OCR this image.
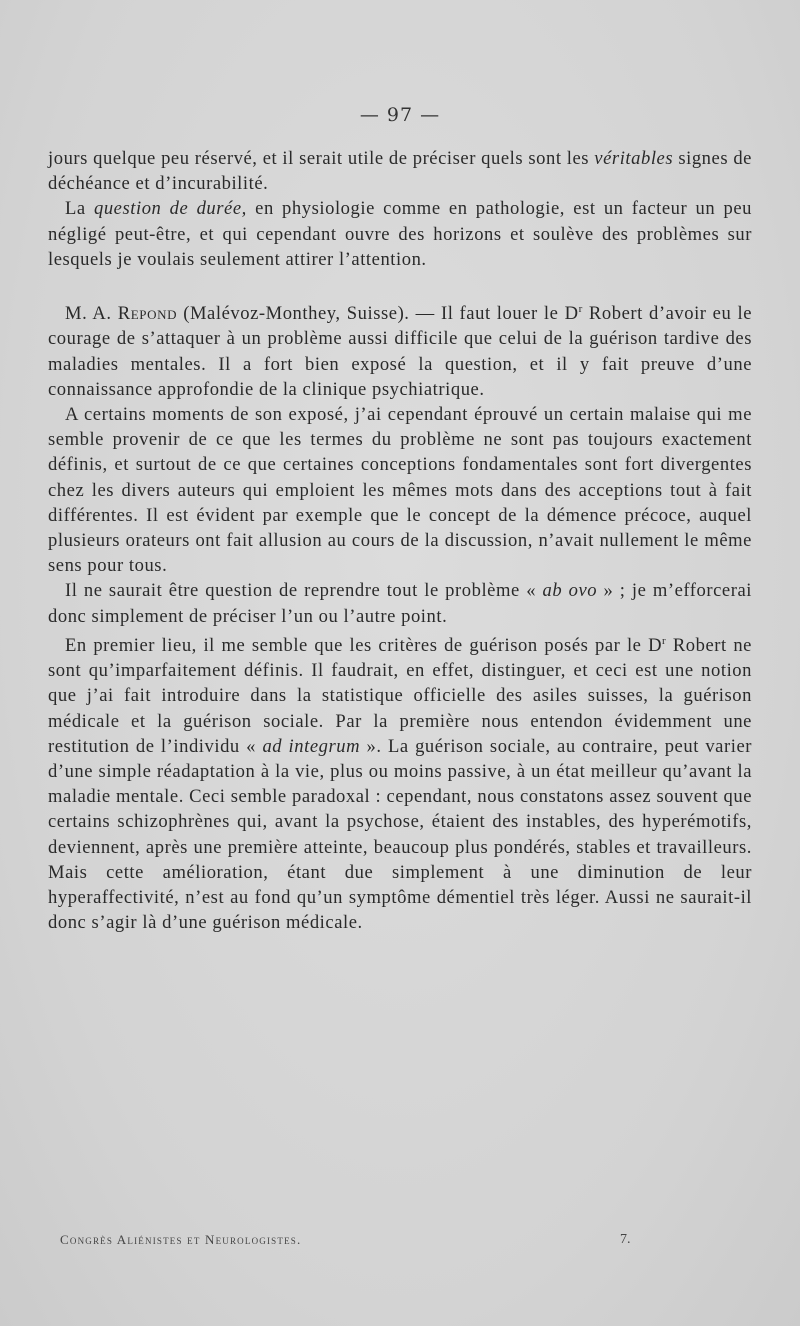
— 97 —

jours quelque peu réservé, et il serait utile de préciser quels sont les véritables signes de déchéance et d’incurabilité.

La question de durée, en physiologie comme en pathologie, est un facteur un peu négligé peut-être, et qui cependant ouvre des horizons et soulève des problèmes sur lesquels je voulais seulement attirer l’attention.

M. A. Repond (Malévoz-Monthey, Suisse). — Il faut louer le $D^r$ Robert d’avoir eu le courage de s’attaquer à un problème aussi difficile que celui de la guérison tardive des maladies mentales. Il a fort bien exposé la question, et il y fait preuve d’une connaissance approfondie de la clinique psychiatrique.

A certains moments de son exposé, j’ai cependant éprouvé un certain malaise qui me semble provenir de ce que les termes du problème ne sont pas toujours exactement définis, et surtout de ce que certaines conceptions fondamentales sont fort divergentes chez les divers auteurs qui emploient les mêmes mots dans des acceptions tout à fait différentes. Il est évident par exemple que le concept de la démence précoce, auquel plusieurs orateurs ont fait allusion au cours de la discussion, n’avait nullement le même sens pour tous.

Il ne saurait être question de reprendre tout le problème « ab ovo » ; je m’efforcerai donc simplement de préciser l’un ou l’autre point.

En premier lieu, il me semble que les critères de guérison posés par le $D^r$ Robert ne sont qu’imparfaitement définis. Il faudrait, en effet, distinguer, et ceci est une notion que j’ai fait introduire dans la statistique officielle des asiles suisses, la guérison médicale et la guérison sociale. Par la première nous entendon évidemment une restitution de l’individu « ad integrum ». La guérison sociale, au contraire, peut varier d’une simple réadaptation à la vie, plus ou moins passive, à un état meilleur qu’avant la maladie mentale. Ceci semble paradoxal : cependant, nous constatons assez souvent que certains schizophrènes qui, avant la psychose, étaient des instables, des hyperémotifs, deviennent, après une première atteinte, beaucoup plus pondérés, stables et travailleurs. Mais cette amélioration, étant due simplement à une diminution de leur hyperaffectivité, n’est au fond qu’un symptôme démentiel très léger. Aussi ne saurait-il donc s’agir là d’une guérison médicale.

Congrès Aliénistes et Neurologistes.	7.
